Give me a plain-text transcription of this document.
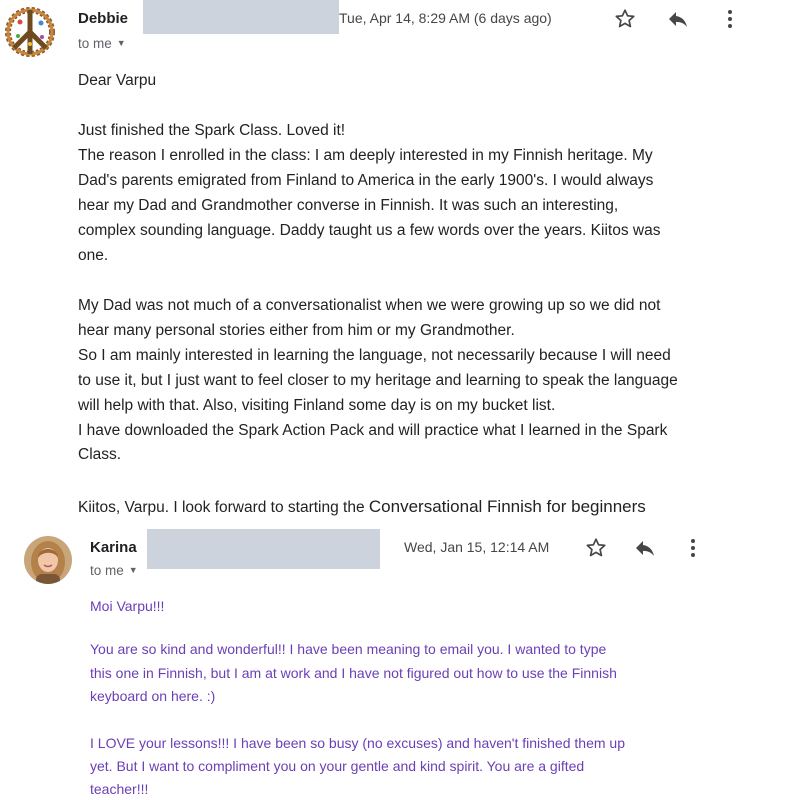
Debbie	Tue, Apr 14, 8:29 AM (6 days ago)
to me ▼
Dear Varpu
Just finished the Spark Class. Loved it!
The reason I enrolled in the class: I am deeply interested in my Finnish heritage. My
Dad's parents emigrated from Finland to America in the early 1900's. I would always
hear my Dad and Grandmother converse in Finnish. It was such an interesting,
complex sounding language. Daddy taught us a few words over the years. Kiitos was
one.
My Dad was not much of a conversationalist when we were growing up so we did not
hear many personal stories either from him or my Grandmother.
So I am mainly interested in learning the language, not necessarily because I will need
to use it, but I just want to feel closer to my heritage and learning to speak the language
will help with that. Also, visiting Finland some day is on my bucket list.
I have downloaded the Spark Action Pack and will practice what I learned in the Spark
Class.
Kiitos, Varpu. I look forward to starting the Conversational Finnish for beginners
Karina	Wed, Jan 15, 12:14 AM
to me ▼
Moi Varpu!!!
You are so kind and wonderful!! I have been meaning to email you. I wanted to type
this one in Finnish, but I am at work and I have not figured out how to use the Finnish
keyboard on here. :)
I LOVE your lessons!!! I have been so busy (no excuses) and haven't finished them up
yet. But I want to compliment you on your gentle and kind spirit. You are a gifted
teacher!!!
